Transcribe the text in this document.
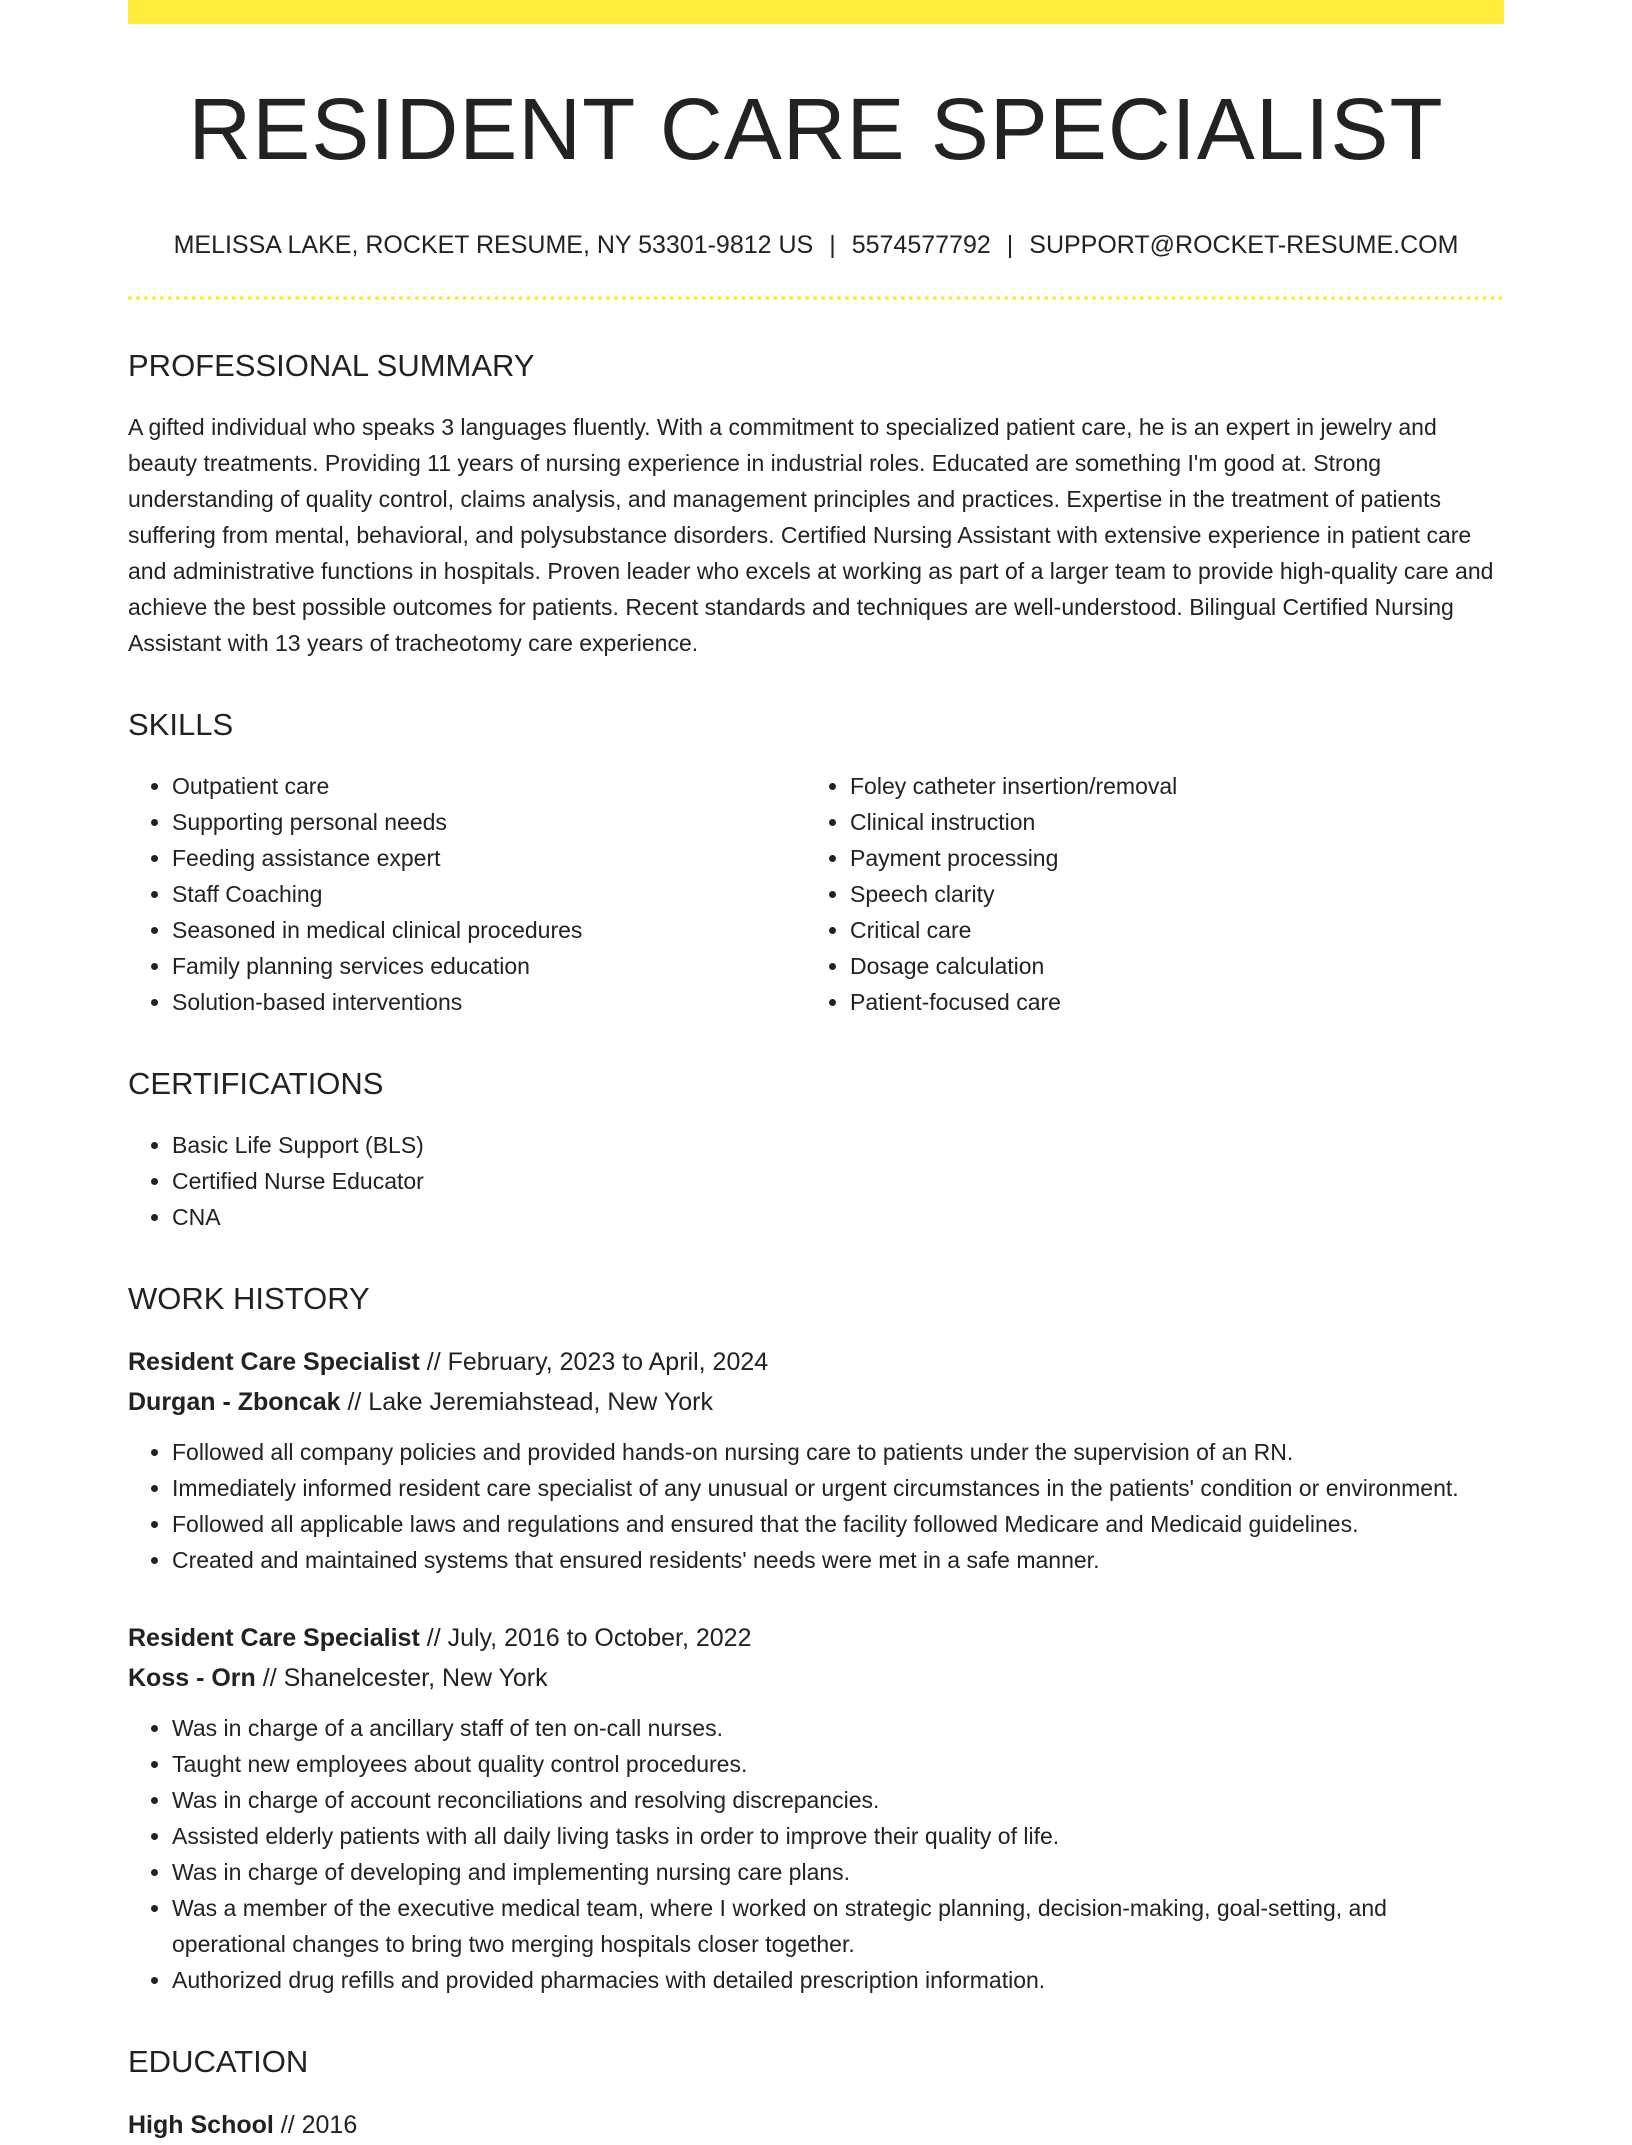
RESIDENT CARE SPECIALIST
MELISSA LAKE, ROCKET RESUME, NY 53301-9812 US | 5574577792 | SUPPORT@ROCKET-RESUME.COM
PROFESSIONAL SUMMARY
A gifted individual who speaks 3 languages fluently. With a commitment to specialized patient care, he is an expert in jewelry and beauty treatments. Providing 11 years of nursing experience in industrial roles. Educated are something I'm good at. Strong understanding of quality control, claims analysis, and management principles and practices. Expertise in the treatment of patients suffering from mental, behavioral, and polysubstance disorders. Certified Nursing Assistant with extensive experience in patient care and administrative functions in hospitals. Proven leader who excels at working as part of a larger team to provide high-quality care and achieve the best possible outcomes for patients. Recent standards and techniques are well-understood. Bilingual Certified Nursing Assistant with 13 years of tracheotomy care experience.
SKILLS
• Outpatient care
• Supporting personal needs
• Feeding assistance expert
• Staff Coaching
• Seasoned in medical clinical procedures
• Family planning services education
• Solution-based interventions
• Foley catheter insertion/removal
• Clinical instruction
• Payment processing
• Speech clarity
• Critical care
• Dosage calculation
• Patient-focused care
CERTIFICATIONS
• Basic Life Support (BLS)
• Certified Nurse Educator
• CNA
WORK HISTORY
Resident Care Specialist // February, 2023 to April, 2024
Durgan - Zboncak // Lake Jeremiahstead, New York
• Followed all company policies and provided hands-on nursing care to patients under the supervision of an RN.
• Immediately informed resident care specialist of any unusual or urgent circumstances in the patients' condition or environment.
• Followed all applicable laws and regulations and ensured that the facility followed Medicare and Medicaid guidelines.
• Created and maintained systems that ensured residents' needs were met in a safe manner.
Resident Care Specialist // July, 2016 to October, 2022
Koss - Orn // Shanelcester, New York
• Was in charge of a ancillary staff of ten on-call nurses.
• Taught new employees about quality control procedures.
• Was in charge of account reconciliations and resolving discrepancies.
• Assisted elderly patients with all daily living tasks in order to improve their quality of life.
• Was in charge of developing and implementing nursing care plans.
• Was a member of the executive medical team, where I worked on strategic planning, decision-making, goal-setting, and operational changes to bring two merging hospitals closer together.
• Authorized drug refills and provided pharmacies with detailed prescription information.
EDUCATION
High School // 2016
